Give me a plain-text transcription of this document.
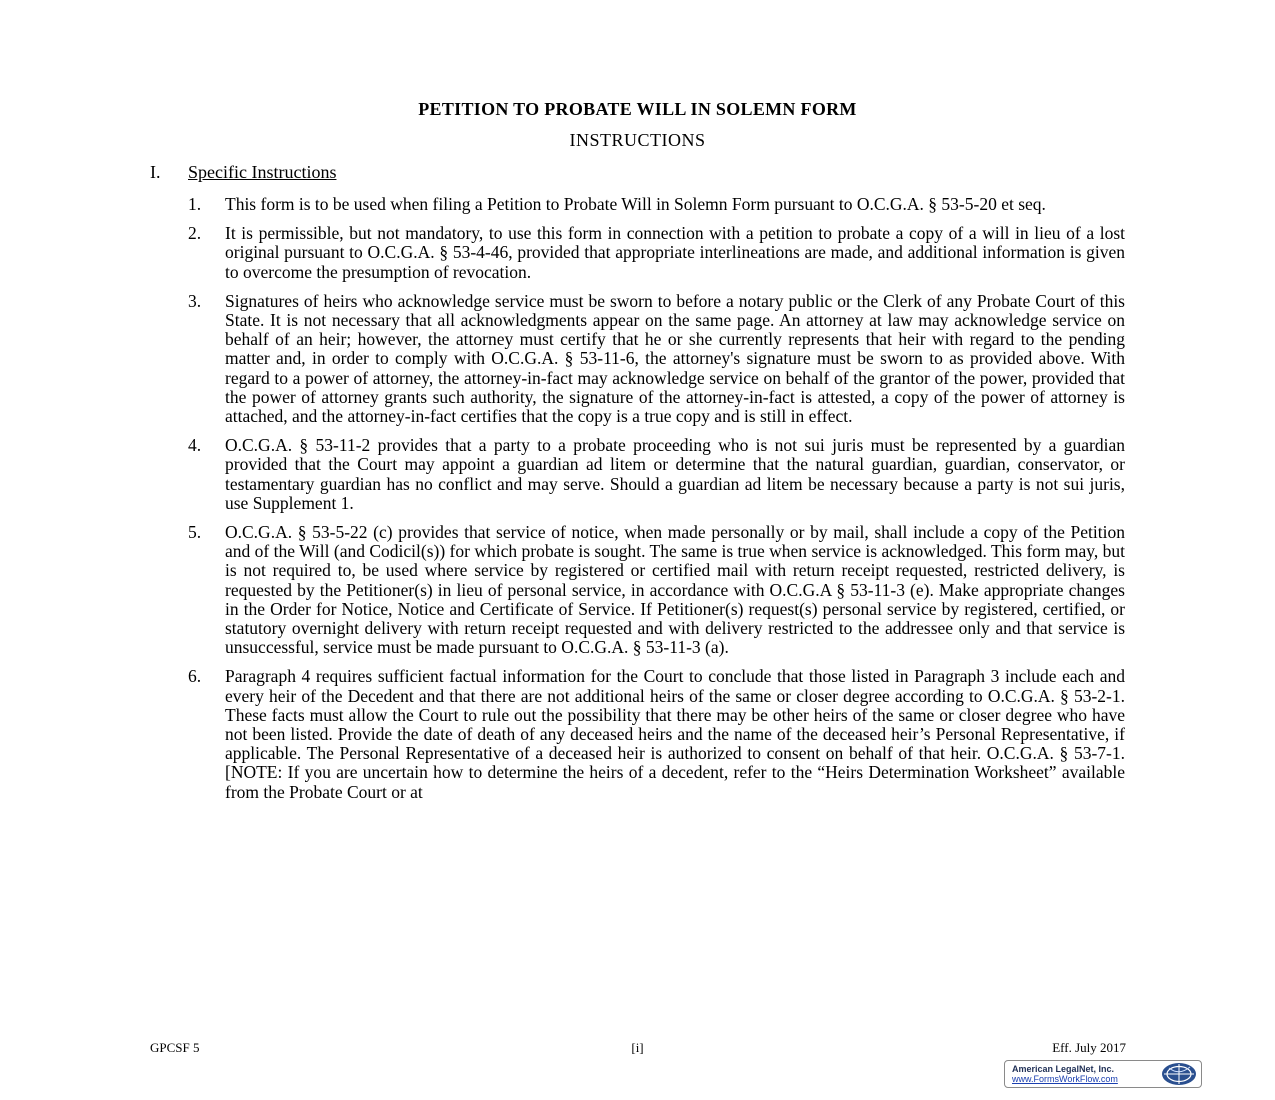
PETITION TO PROBATE WILL IN SOLEMN FORM
INSTRUCTIONS
I. Specific Instructions
1. This form is to be used when filing a Petition to Probate Will in Solemn Form pursuant to O.C.G.A. § 53-5-20 et seq.
2. It is permissible, but not mandatory, to use this form in connection with a petition to probate a copy of a will in lieu of a lost original pursuant to O.C.G.A. § 53-4-46, provided that appropriate interlineations are made, and additional information is given to overcome the presumption of revocation.
3. Signatures of heirs who acknowledge service must be sworn to before a notary public or the Clerk of any Probate Court of this State. It is not necessary that all acknowledgments appear on the same page. An attorney at law may acknowledge service on behalf of an heir; however, the attorney must certify that he or she currently represents that heir with regard to the pending matter and, in order to comply with O.C.G.A. § 53-11-6, the attorney's signature must be sworn to as provided above. With regard to a power of attorney, the attorney-in-fact may acknowledge service on behalf of the grantor of the power, provided that the power of attorney grants such authority, the signature of the attorney-in-fact is attested, a copy of the power of attorney is attached, and the attorney-in-fact certifies that the copy is a true copy and is still in effect.
4. O.C.G.A. § 53-11-2 provides that a party to a probate proceeding who is not sui juris must be represented by a guardian provided that the Court may appoint a guardian ad litem or determine that the natural guardian, guardian, conservator, or testamentary guardian has no conflict and may serve. Should a guardian ad litem be necessary because a party is not sui juris, use Supplement 1.
5. O.C.G.A. § 53-5-22 (c) provides that service of notice, when made personally or by mail, shall include a copy of the Petition and of the Will (and Codicil(s)) for which probate is sought. The same is true when service is acknowledged. This form may, but is not required to, be used where service by registered or certified mail with return receipt requested, restricted delivery, is requested by the Petitioner(s) in lieu of personal service, in accordance with O.C.G.A § 53-11-3 (e). Make appropriate changes in the Order for Notice, Notice and Certificate of Service. If Petitioner(s) request(s) personal service by registered, certified, or statutory overnight delivery with return receipt requested and with delivery restricted to the addressee only and that service is unsuccessful, service must be made pursuant to O.C.G.A. § 53-11-3 (a).
6. Paragraph 4 requires sufficient factual information for the Court to conclude that those listed in Paragraph 3 include each and every heir of the Decedent and that there are not additional heirs of the same or closer degree according to O.C.G.A. § 53-2-1. These facts must allow the Court to rule out the possibility that there may be other heirs of the same or closer degree who have not been listed. Provide the date of death of any deceased heirs and the name of the deceased heir’s Personal Representative, if applicable. The Personal Representative of a deceased heir is authorized to consent on behalf of that heir. O.C.G.A. § 53-7-1. [NOTE: If you are uncertain how to determine the heirs of a decedent, refer to the “Heirs Determination Worksheet” available from the Probate Court or at
GPCSF 5	[i]	Eff. July 2017
American LegalNet, Inc.
www.FormsWorkFlow.com
